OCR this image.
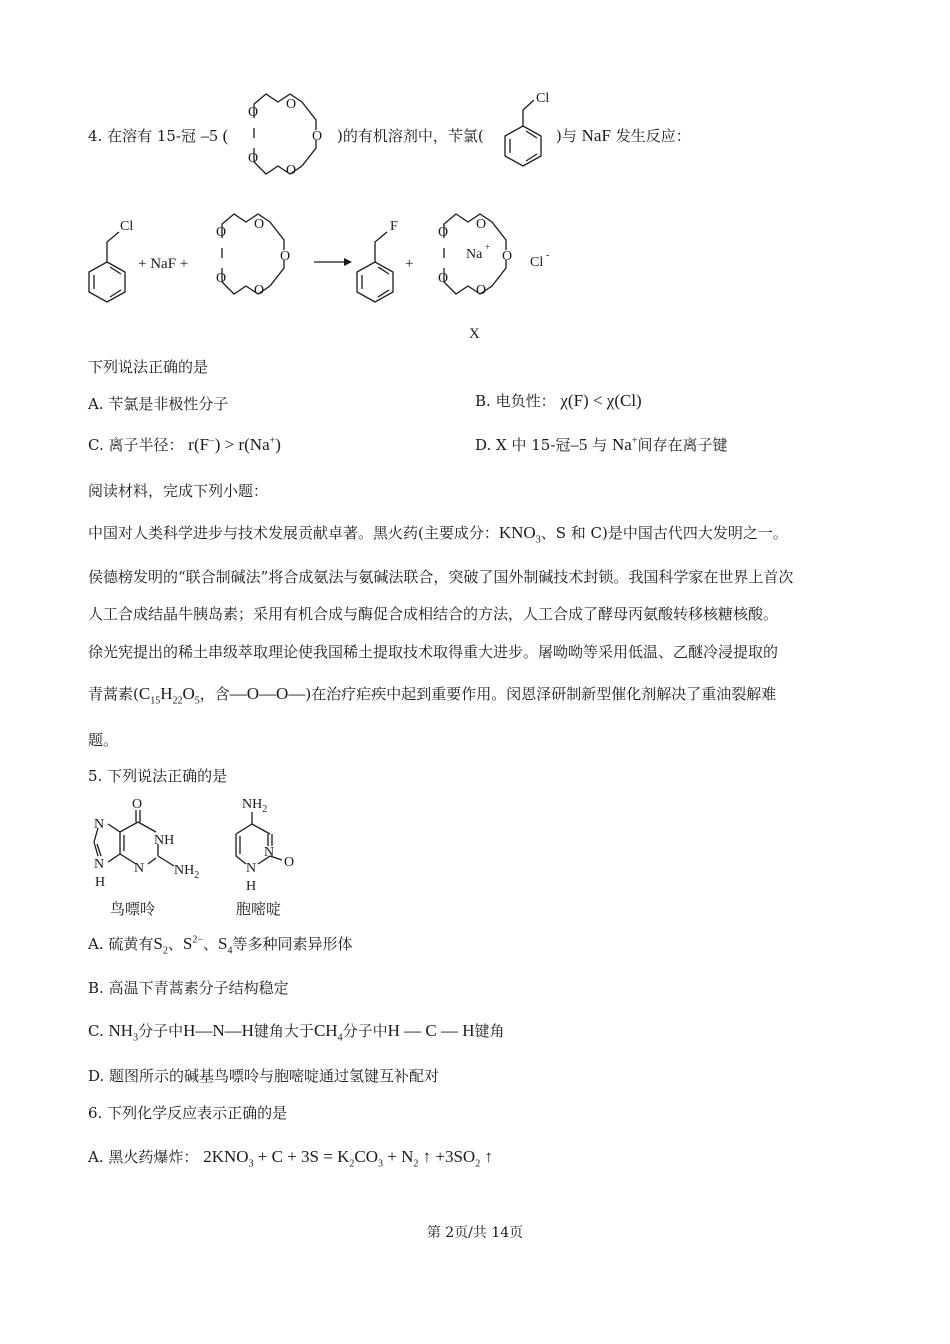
4. 在溶有 15-冠 –5 (	)的有机溶剂中，苄氯(	)与 NaF 发生反应：
O
O
O
O
O
Cl
Cl
+ NaF +
O
O
O
O
O
F
+
O
O
O
O
O
Na +
Cl -
X
下列说法正确的是
A. 苄氯是非极性分子	B. 电负性： χ(F) < χ(Cl)
C. 离子半径： r(F−) > r(Na+)	D. X 中 15-冠–5 与 Na+间存在离子键
阅读材料，完成下列小题：
中国对人类科学进步与技术发展贡献卓著。黑火药(主要成分：$KNO_3$、S 和 C)是中国古代四大发明之一。
侯德榜发明的“联合制碱法”将合成氨法与氨碱法联合，突破了国外制碱技术封锁。我国科学家在世界上首次
人工合成结晶牛胰岛素；采用有机合成与酶促合成相结合的方法，人工合成了酵母丙氨酸转移核糖核酸。
徐光宪提出的稀土串级萃取理论使我国稀土提取技术取得重大进步。屠呦呦等采用低温、乙醚冷浸提取的
青蒿素($C_{15}H_{22}O_5$，含—O—O—)在治疗疟疾中起到重要作用。闵恩泽研制新型催化剂解决了重油裂解难
题。
5. 下列说法正确的是
O
NH
N
N
H
N $NH_2$
鸟嘌呤
$NH_2$
N
O
N
H
胞嘧啶
A. 硫黄有$S_2$、$S^{2-}$、$S_4$等多种同素异形体
B. 高温下青蒿素分子结构稳定
C. $NH_3$分子中H—N—H键角大于$CH_4$分子中H — C — H键角
D. 题图所示的碱基鸟嘌呤与胞嘧啶通过氢键互补配对
6. 下列化学反应表示正确的是
A. 黑火药爆炸： $2KNO_3 + C + 3S = K_2CO_3 + N_2$ ↑ $+3SO_2$ ↑
第 2页/共 14页
